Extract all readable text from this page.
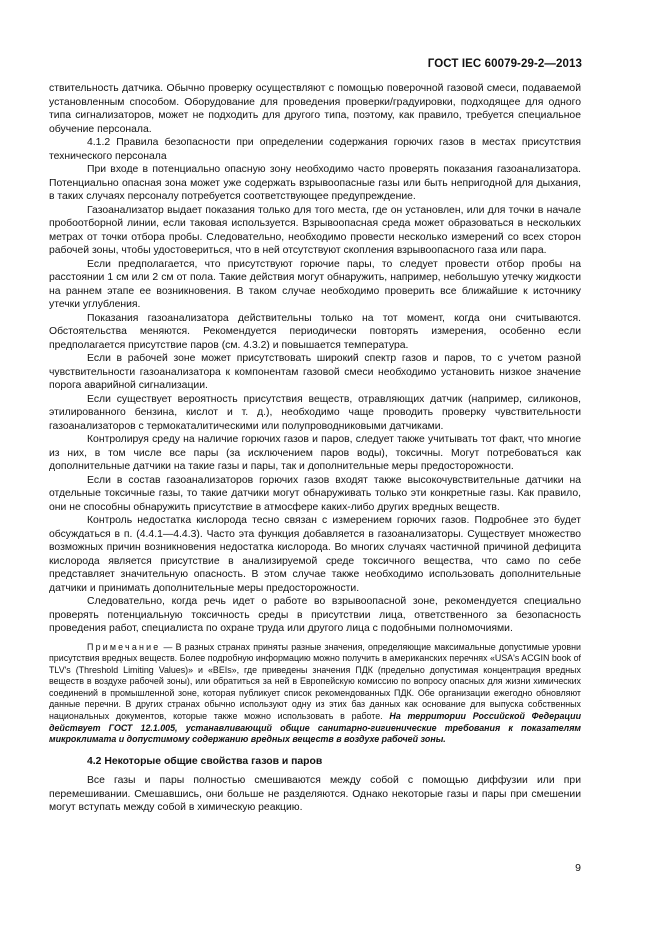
ГОСТ IEC 60079-29-2—2013

ствительность датчика. Обычно проверку осуществляют с помощью поверочной газовой смеси, подаваемой установленным способом. Оборудование для проведения проверки/градуировки, подходящее для одного типа сигнализаторов, может не подходить для другого типа, поэтому, как правило, требуется специальное обучение персонала.

4.1.2 Правила безопасности при определении содержания горючих газов в местах присутствия технического персонала

При входе в потенциально опасную зону необходимо часто проверять показания газоанализатора. Потенциально опасная зона может уже содержать взрывоопасные газы или быть непригодной для дыхания, в таких случаях персоналу потребуется соответствующее предупреждение.

Газоанализатор выдает показания только для того места, где он установлен, или для точки в начале пробоотборной линии, если таковая используется. Взрывоопасная среда может образоваться в нескольких метрах от точки отбора пробы. Следовательно, необходимо провести несколько измерений со всех сторон рабочей зоны, чтобы удостовериться, что в ней отсутствуют скопления взрывоопасного газа или пара.

Если предполагается, что присутствуют горючие пары, то следует провести отбор пробы на расстоянии 1 см или 2 см от пола. Такие действия могут обнаружить, например, небольшую утечку жидкости на раннем этапе ее возникновения. В таком случае необходимо проверить все ближайшие к источнику утечки углубления.

Показания газоанализатора действительны только на тот момент, когда они считываются. Обстоятельства меняются. Рекомендуется периодически повторять измерения, особенно если предполагается присутствие паров (см. 4.3.2) и повышается температура.

Если в рабочей зоне может присутствовать широкий спектр газов и паров, то с учетом разной чувствительности газоанализатора к компонентам газовой смеси необходимо установить низкое значение порога аварийной сигнализации.

Если существует вероятность присутствия веществ, отравляющих датчик (например, силиконов, этилированного бензина, кислот и т. д.), необходимо чаще проводить проверку чувствительности газоанализаторов с термокаталитическими или полупроводниковыми датчиками.

Контролируя среду на наличие горючих газов и паров, следует также учитывать тот факт, что многие из них, в том числе все пары (за исключением паров воды), токсичны. Могут потребоваться как дополнительные датчики на такие газы и пары, так и дополнительные меры предосторожности.

Если в состав газоанализаторов горючих газов входят также высокочувствительные датчики на отдельные токсичные газы, то такие датчики могут обнаруживать только эти конкретные газы. Как правило, они не способны обнаружить присутствие в атмосфере каких-либо других вредных веществ.

Контроль недостатка кислорода тесно связан с измерением горючих газов. Подробнее это будет обсуждаться в п. (4.4.1—4.4.3). Часто эта функция добавляется в газоанализаторы. Существует множество возможных причин возникновения недостатка кислорода. Во многих случаях частичной причиной дефицита кислорода является присутствие в анализируемой среде токсичного вещества, что само по себе представляет значительную опасность. В этом случае также необходимо использовать дополнительные датчики и принимать дополнительные меры предосторожности.

Следовательно, когда речь идет о работе во взрывоопасной зоне, рекомендуется специально проверять потенциальную токсичность среды в присутствии лица, ответственного за безопасность проведения работ, специалиста по охране труда или другого лица с подобными полномочиями.

Примечание — В разных странах приняты разные значения, определяющие максимальные допустимые уровни присутствия вредных веществ. Более подробную информацию можно получить в американских перечнях «USA's ACGIN book of TLV's (Threshold Limiting Values)» и «BEIs», где приведены значения ПДК (предельно допустимая концентрация вредных веществ в воздухе рабочей зоны), или обратиться за ней в Европейскую комиссию по вопросу опасных для жизни химических соединений в промышленной зоне, которая публикует список рекомендованных ПДК. Обе организации ежегодно обновляют данные перечни. В других странах обычно используют одну из этих баз данных как основание для выпуска собственных национальных документов, которые также можно использовать в работе. На территории Российской Федерации действует ГОСТ 12.1.005, устанавливающий общие санитарно-гигиенические требования к показателям микроклимата и допустимому содержанию вредных веществ в воздухе рабочей зоны.

4.2 Некоторые общие свойства газов и паров

Все газы и пары полностью смешиваются между собой с помощью диффузии или при перемешивании. Смешавшись, они больше не разделяются. Однако некоторые газы и пары при смешении могут вступать между собой в химическую реакцию.

9
